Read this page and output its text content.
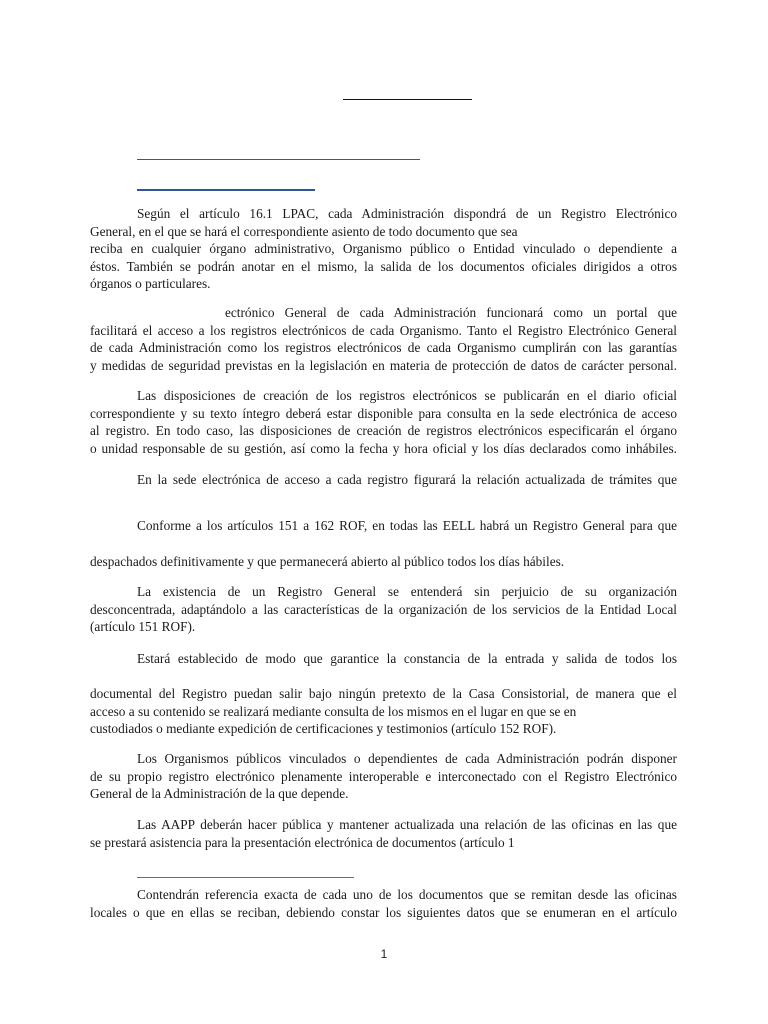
Según el artículo 16.1 LPAC, cada Administración dispondrá de un Registro Electrónico
General, en el que se hará el correspondiente asiento de todo documento que sea
reciba en cualquier órgano administrativo, Organismo público o Entidad vinculado o dependiente a
éstos. También se podrán anotar en el mismo, la salida de los documentos oficiales dirigidos a otros
órganos o particulares.
ectrónico General de cada Administración funcionará como un portal que
facilitará el acceso a los registros electrónicos de cada Organismo. Tanto el Registro Electrónico General
de cada Administración como los registros electrónicos de cada Organismo cumplirán con las garantías
y medidas de seguridad previstas en la legislación en materia de protección de datos de carácter personal.
Las disposiciones de creación de los registros electrónicos se publicarán en el diario oficial
correspondiente y su texto íntegro deberá estar disponible para consulta en la sede electrónica de acceso
al registro. En todo caso, las disposiciones de creación de registros electrónicos especificarán el órgano
o unidad responsable de su gestión, así como la fecha y hora oficial y los días declarados como inhábiles.
En la sede electrónica de acceso a cada registro figurará la relación actualizada de trámites que
Conforme a los artículos 151 a 162 ROF, en todas las EELL habrá un Registro General para que
despachados definitivamente y que permanecerá abierto al público todos los días hábiles.
La existencia de un Registro General se entenderá sin perjuicio de su organización
desconcentrada, adaptándolo a las características de la organización de los servicios de la Entidad Local
(artículo 151 ROF).
Estará establecido de modo que garantice la constancia de la entrada y salida de todos los
documental del Registro puedan salir bajo ningún pretexto de la Casa Consistorial, de manera que el
acceso a su contenido se realizará mediante consulta de los mismos en el lugar en que se en
custodiados o mediante expedición de certificaciones y testimonios (artículo 152 ROF).
Los Organismos públicos vinculados o dependientes de cada Administración podrán disponer
de su propio registro electrónico plenamente interoperable e interconectado con el Registro Electrónico
General de la Administración de la que depende.
Las AAPP deberán hacer pública y mantener actualizada una relación de las oficinas en las que
se prestará asistencia para la presentación electrónica de documentos (artículo 1
Contendrán referencia exacta de cada uno de los documentos que se remitan desde las oficinas
locales o que en ellas se reciban, debiendo constar los siguientes datos que se enumeran en el artículo
1
